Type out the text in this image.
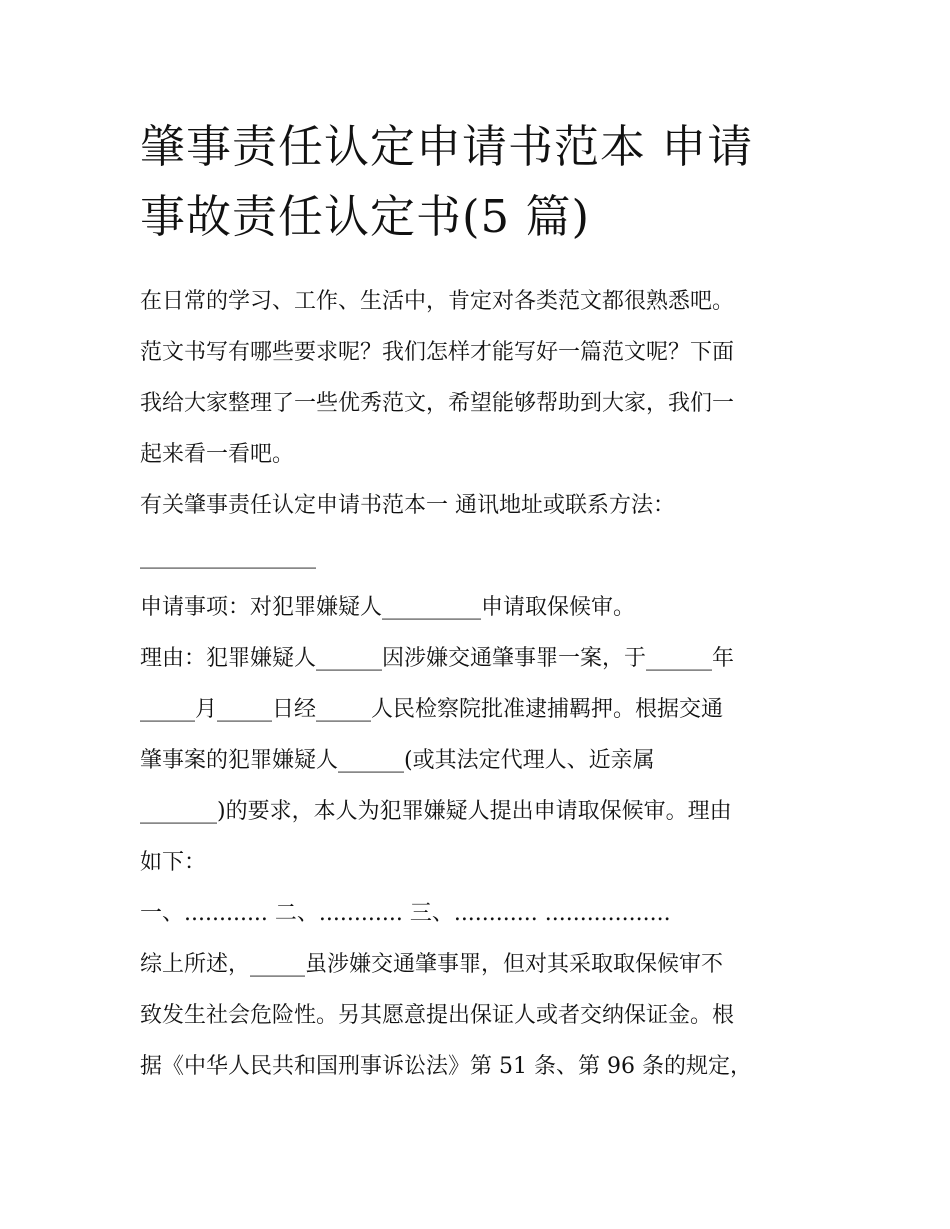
肇事责任认定申请书范本 申请
事故责任认定书(5 篇)
在日常的学习、工作、生活中，肯定对各类范文都很熟悉吧。
范文书写有哪些要求呢？我们怎样才能写好一篇范文呢？下面
我给大家整理了一些优秀范文，希望能够帮助到大家，我们一
起来看一看吧。
有关肇事责任认定申请书范本一 通讯地址或联系方法：
________________
申请事项：对犯罪嫌疑人_________申请取保候审。
理由：犯罪嫌疑人______因涉嫌交通肇事罪一案，于______年
_____月_____日经_____人民检察院批准逮捕羁押。根据交通
肇事案的犯罪嫌疑人______(或其法定代理人、近亲属
_______)的要求，本人为犯罪嫌疑人提出申请取保候审。理由
如下：
一、............ 二、............ 三、............ ..................
综上所述，_____虽涉嫌交通肇事罪，但对其采取取保候审不
致发生社会危险性。另其愿意提出保证人或者交纳保证金。根
据《中华人民共和国刑事诉讼法》第 51 条、第 96 条的规定，
